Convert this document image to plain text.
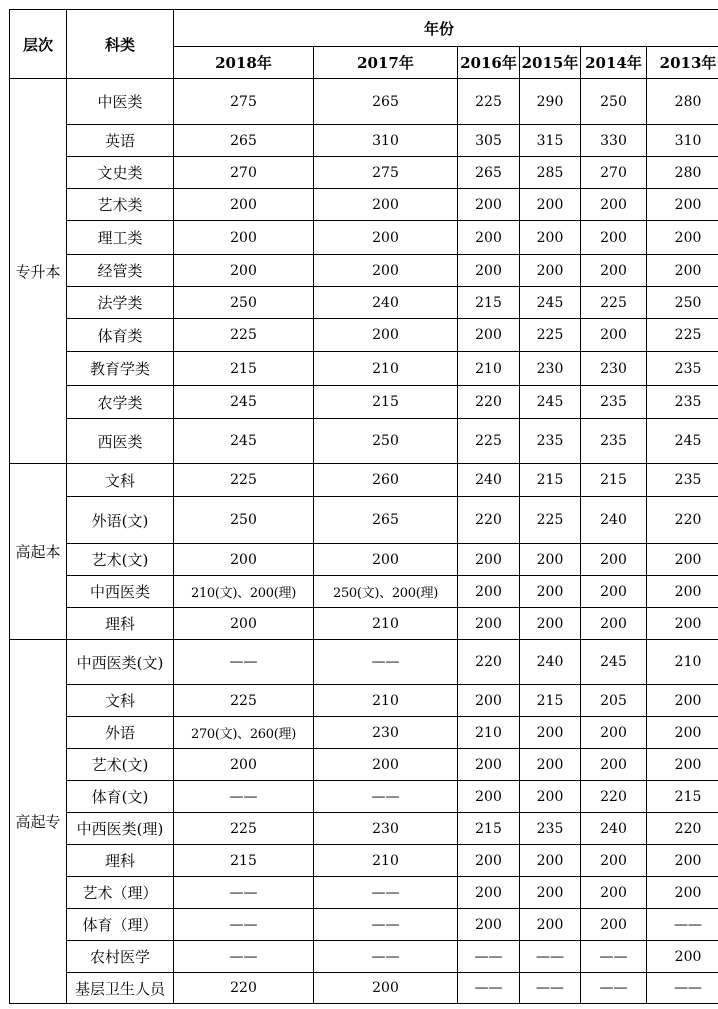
层次	科类	年份					
		2018年	2017年	2016年	2015年	2014年	2013年
专升本	中医类	275	265	225	290	250	280
	英语	265	310	305	315	330	310
	文史类	270	275	265	285	270	280
	艺术类	200	200	200	200	200	200
	理工类	200	200	200	200	200	200
	经管类	200	200	200	200	200	200
	法学类	250	240	215	245	225	250
	体育类	225	200	200	225	200	225
	教育学类	215	210	210	230	230	235
	农学类	245	215	220	245	235	235
	西医类	245	250	225	235	235	245
高起本	文科	225	260	240	215	215	235
	外语(文)	250	265	220	225	240	220
	艺术(文)	200	200	200	200	200	200
	中西医类	210(文)、200(理)	250(文)、200(理)	200	200	200	200
	理科	200	210	200	200	200	200
高起专	中西医类(文)	——	——	220	240	245	210
	文科	225	210	200	215	205	200
	外语	270(文)、260(理)	230	210	200	200	200
	艺术(文)	200	200	200	200	200	200
	体育(文)	——	——	200	200	220	215
	中西医类(理)	225	230	215	235	240	220
	理科	215	210	200	200	200	200
	艺术（理）	——	——	200	200	200	200
	体育（理）	——	——	200	200	200	——
	农村医学	——	——	——	——	——	200
	基层卫生人员	220	200	——	——	——	——
